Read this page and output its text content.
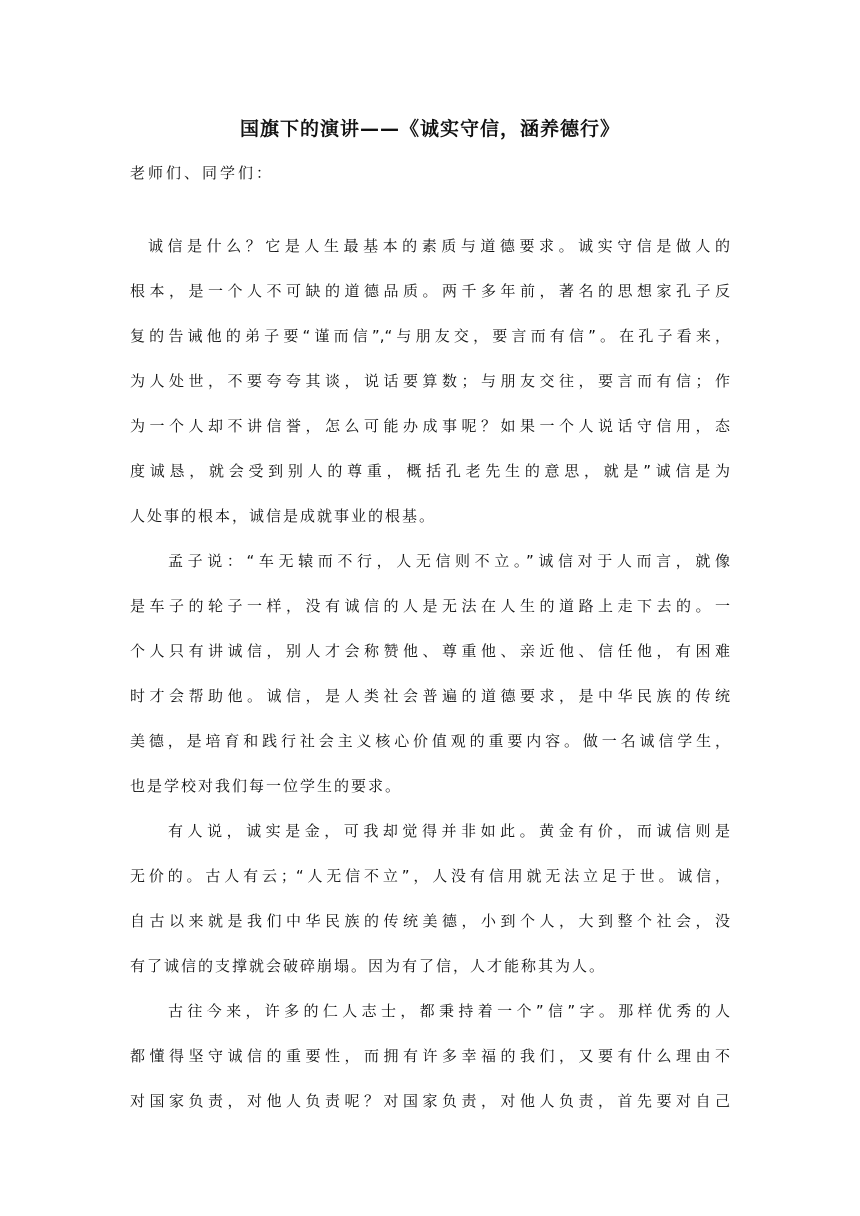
国旗下的演讲——《诚实守信，涵养德行》

老师们、同学们：

诚信是什么？它是人生最基本的素质与道德要求。诚实守信是做人的

根本，是一个人不可缺的道德品质。两千多年前，著名的思想家孔子反

复的告诫他的弟子要“谨而信”,“与朋友交，要言而有信”。在孔子看来，

为人处世，不要夸夸其谈，说话要算数；与朋友交往，要言而有信；作

为一个人却不讲信誉，怎么可能办成事呢？如果一个人说话守信用，态

度诚恳，就会受到别人的尊重，概括孔老先生的意思，就是”诚信是为

人处事的根本，诚信是成就事业的根基。

孟子说：“车无辕而不行，人无信则不立。”诚信对于人而言，就像

是车子的轮子一样，没有诚信的人是无法在人生的道路上走下去的。一

个人只有讲诚信，别人才会称赞他、尊重他、亲近他、信任他，有困难

时才会帮助他。诚信，是人类社会普遍的道德要求，是中华民族的传统

美德，是培育和践行社会主义核心价值观的重要内容。做一名诚信学生，

也是学校对我们每一位学生的要求。

有人说，诚实是金，可我却觉得并非如此。黄金有价，而诚信则是

无价的。古人有云；“人无信不立”，人没有信用就无法立足于世。诚信，

自古以来就是我们中华民族的传统美德，小到个人，大到整个社会，没

有了诚信的支撑就会破碎崩塌。因为有了信，人才能称其为人。

古往今来，许多的仁人志士，都秉持着一个”信”字。那样优秀的人

都懂得坚守诚信的重要性，而拥有许多幸福的我们，又要有什么理由不

对国家负责，对他人负责呢？对国家负责，对他人负责，首先要对自己
